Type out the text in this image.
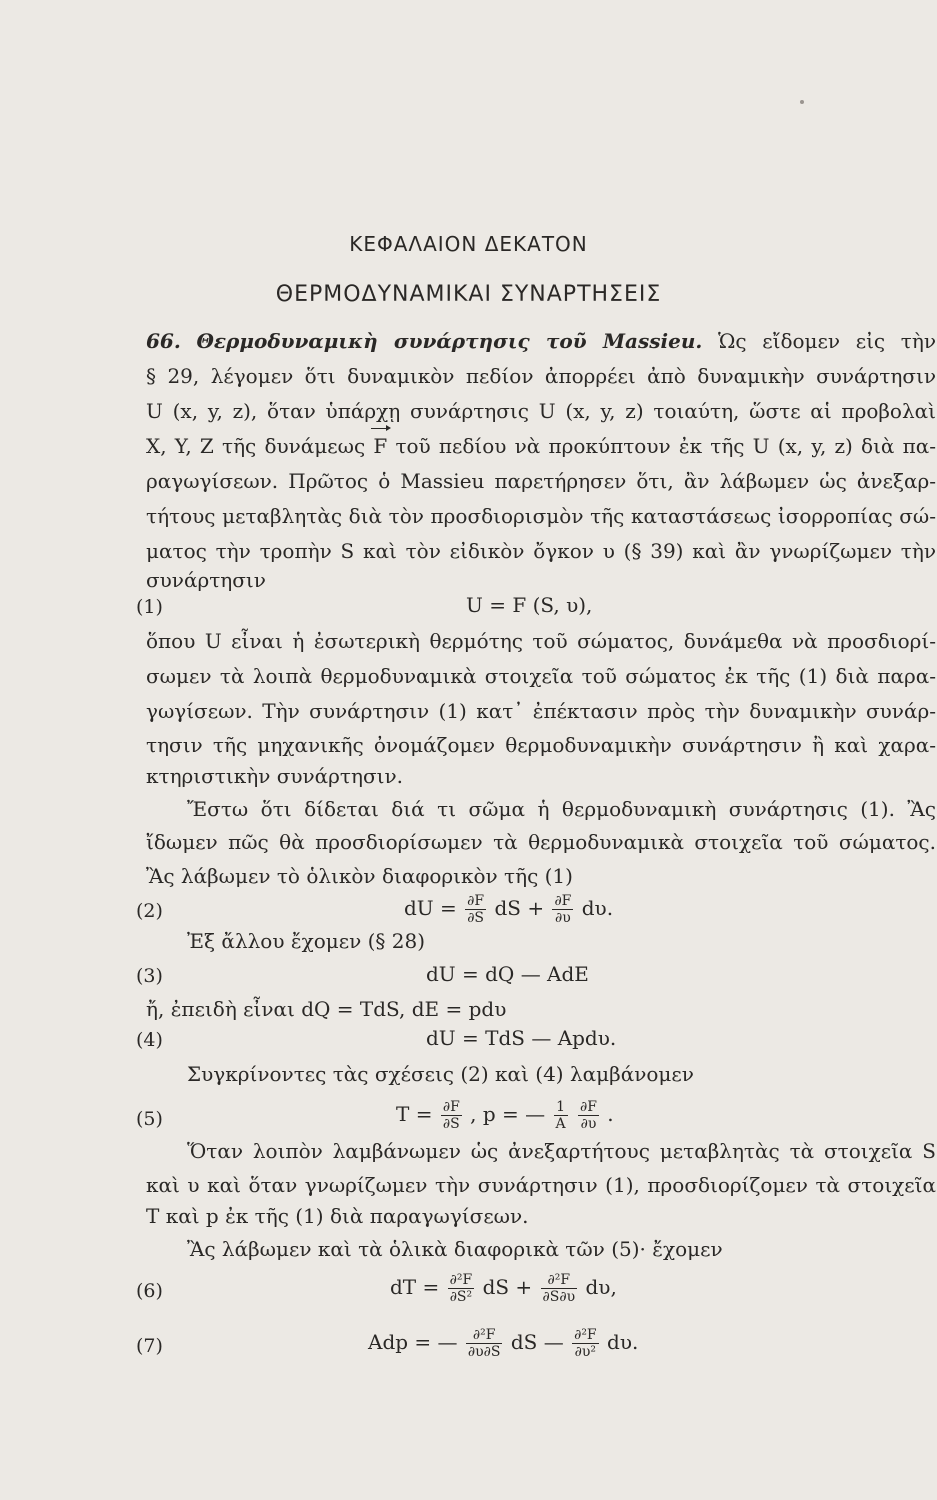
ΚΕΦΑΛΑΙΟΝ ΔΕΚΑΤΟΝ
ΘΕΡΜΟΔΥΝΑΜΙΚΑΙ ΣΥΝΑΡΤΗΣΕΙΣ
66. Θερμοδυναμικὴ συνάρτησις τοῦ Massieu. Ὡς εἴδομεν εἰς τὴν
§ 29, λέγομεν ὅτι δυναμικὸν πεδίον ἀπορρέει ἀπὸ δυναμικὴν συνάρτησιν
U (x, y, z), ὅταν ὑπάρχῃ συνάρτησις U (x, y, z) τοιαύτη, ὥστε αἱ προβολαὶ
X, Y, Z τῆς δυνάμεως F τοῦ πεδίου νὰ προκύπτουν ἐκ τῆς U (x, y, z) διὰ πα-
ραγωγίσεων. Πρῶτος ὁ Massieu παρετήρησεν ὅτι, ἂν λάβωμεν ὡς ἀνεξαρ-
τήτους μεταβλητὰς διὰ τὸν προσδιορισμὸν τῆς καταστάσεως ἰσορροπίας σώ-
ματος τὴν τροπὴν S καὶ τὸν εἰδικὸν ὄγκον υ (§ 39) καὶ ἂν γνωρίζωμεν τὴν
συνάρτησιν
(1)	U = F (S, υ),
ὅπου U εἶναι ἡ ἐσωτερικὴ θερμότης τοῦ σώματος, δυνάμεθα νὰ προσδιορί-
σωμεν τὰ λοιπὰ θερμοδυναμικὰ στοιχεῖα τοῦ σώματος ἐκ τῆς (1) διὰ παρα-
γωγίσεων. Τὴν συνάρτησιν (1) κατ᾿ ἐπέκτασιν πρὸς τὴν δυναμικὴν συνάρ-
τησιν τῆς μηχανικῆς ὀνομάζομεν θερμοδυναμικὴν συνάρτησιν ἢ καὶ χαρα-
κτηριστικὴν συνάρτησιν.
Ἔστω ὅτι δίδεται διά τι σῶμα ἡ θερμοδυναμικὴ συνάρτησις (1). Ἂς
ἴδωμεν πῶς θὰ προσδιορίσωμεν τὰ θερμοδυναμικὰ στοιχεῖα τοῦ σώματος.
Ἂς λάβωμεν τὸ ὁλικὸν διαφορικὸν τῆς (1)
(2)	dU = $\frac{\partial F}{\partial S}$ dS + $\frac{\partial F}{\partial\upsilon} d\upsilon$.
Ἐξ ἄλλου ἔχομεν (§ 28)
(3)	dU = dQ — AdE
ἤ, ἐπειδὴ εἶναι dQ = TdS, dE = pdυ
(4)	dU = TdS — Apdυ.
Συγκρίνοντες τὰς σχέσεις (2) καὶ (4) λαμβάνομεν
(5)	$T = \frac{\partial F}{\partial S}$ , p = — $\frac{1}{A}$
$\frac{\partial F}{\partial\upsilon}$ .
Ὅταν λοιπὸν λαμβάνωμεν ὡς ἀνεξαρτήτους μεταβλητὰς τὰ στοιχεῖα S
καὶ υ καὶ ὅταν γνωρίζωμεν τὴν συνάρτησιν (1), προσδιορίζομεν τὰ στοιχεῖα
T καὶ p ἐκ τῆς (1) διὰ παραγωγίσεων.
Ἂς λάβωμεν καὶ τὰ ὁλικὰ διαφορικὰ τῶν (5)· ἔχομεν
(6)	dT = $\frac{\text{∂²F}}{\text{∂S²}}$ dS + $\frac{\text{∂²F}}{\partial S\partial\upsilon} d\upsilon$,
(7)	Adp = — $\frac{\text{∂²F}}{\partial\upsilon\partial S}$ dS — $\frac{\text{∂²F}}{\text{∂υ²}} d\upsilon$.
